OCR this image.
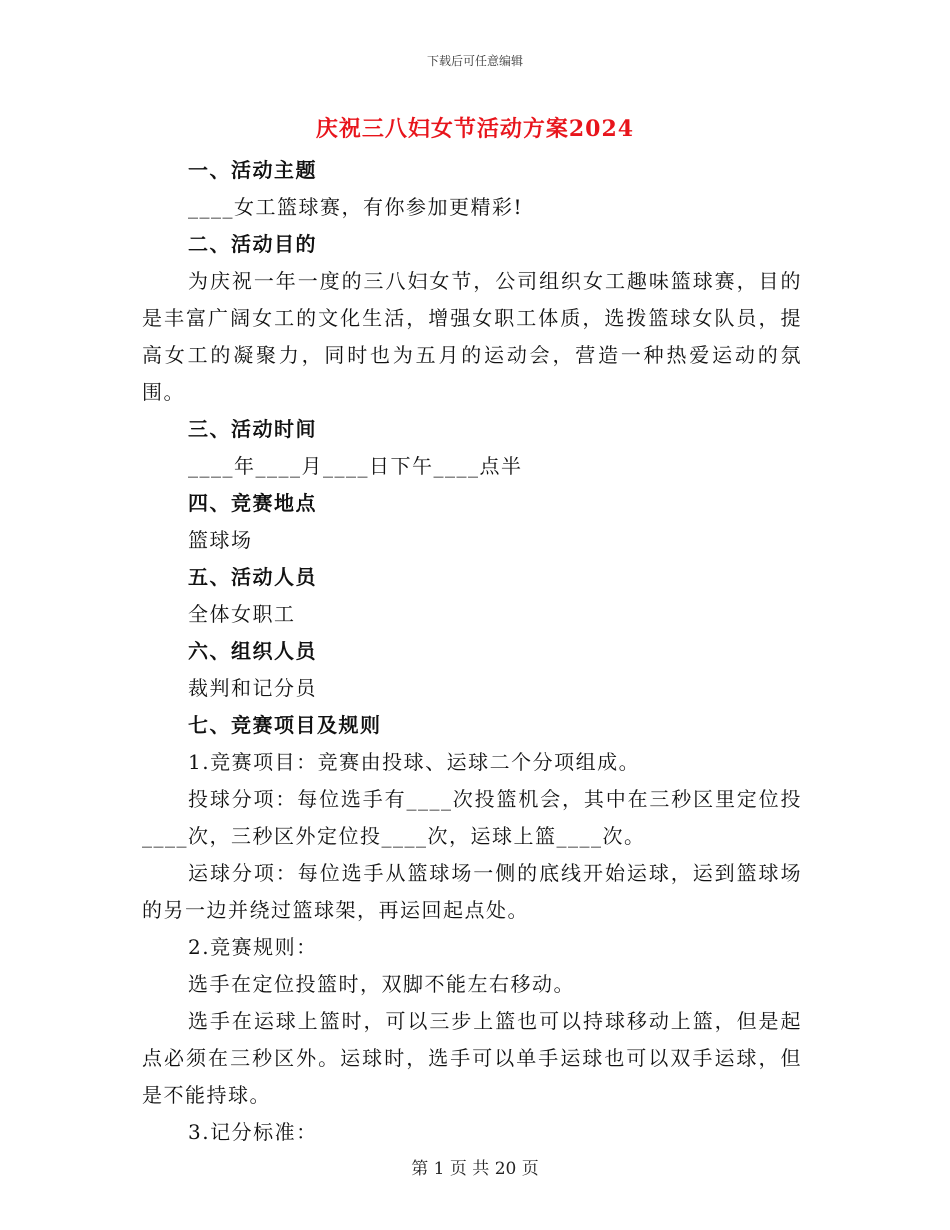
下载后可任意编辑
庆祝三八妇女节活动方案2024

一、活动主题

____女工篮球赛，有你参加更精彩!

二、活动目的

为庆祝一年一度的三八妇女节，公司组织女工趣味篮球赛，目的是丰富广阔女工的文化生活，增强女职工体质，选拨篮球女队员，提高女工的凝聚力，同时也为五月的运动会，营造一种热爱运动的氛围。

三、活动时间

____年____月____日下午____点半

四、竞赛地点

篮球场

五、活动人员

全体女职工

六、组织人员

裁判和记分员

七、竞赛项目及规则

1.竞赛项目：竞赛由投球、运球二个分项组成。

投球分项：每位选手有____次投篮机会，其中在三秒区里定位投____次，三秒区外定位投____次，运球上篮____次。

运球分项：每位选手从篮球场一侧的底线开始运球，运到篮球场的另一边并绕过篮球架，再运回起点处。

2.竞赛规则：

选手在定位投篮时，双脚不能左右移动。

选手在运球上篮时，可以三步上篮也可以持球移动上篮，但是起点必须在三秒区外。运球时，选手可以单手运球也可以双手运球，但是不能持球。

3.记分标准：

第 1 页 共 20 页
